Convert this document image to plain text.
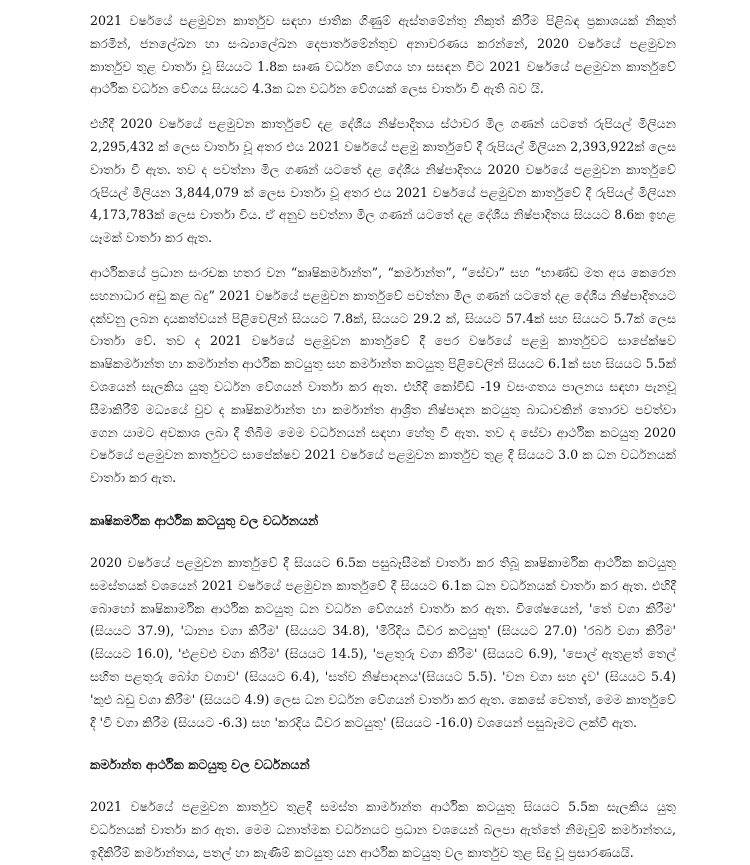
2021 වර්ෂයේ පළමුවන කාර්තුව සඳහා ජාතික ගිණුම් ඇස්තමේන්තු නිකුත් කිරීම පිළිබඳ ප්‍රකාශයක් නිකුත් කරමින්, ජනලේඛන හා සංඛ්‍යාලේඛන දෙපාර්තමේන්තුව අනාවරණය කරන්නේ, 2020 වර්ෂයේ පළමුවන කාර්තුව තුළ වාර්තා වූ සියයට 1.8ක සෘණ වර්ධන වේගය හා සසඳන විට 2021 වර්ෂයේ පළමුවන කාර්තුවේ ආර්ථික වර්ධන වේගය සියයට 4.3ක ධන වර්ධන වේගයක් ලෙස වාර්තා වී ඇති බව යි.

එහිදී 2020 වර්ෂයේ පළමුවන කාර්තුවේ දළ දේශීය නිෂ්පාදිතය ස්ථාවර මිල ගණන් යටතේ රුපියල් මිලියන 2,295,432 ක් ලෙස වාර්තා වූ අතර එය 2021 වර්ෂයේ පළමු කාර්තුවේ දී රුපියල් මිලියන 2,393,922ක් ලෙස වාර්තා වී ඇත. තව ද පවත්නා මිල ගණන් යටතේ දළ දේශීය නිෂ්පාදිතය 2020 වර්ෂයේ පළමුවන කාර්තුවේ රුපියල් මිලියන 3,844,079 ක් ලෙස වාර්තා වූ අතර එය 2021 වර්ෂයේ පළමුවන කාර්තුවේ දී රුපියල් මිලියන 4,173,783ක් ලෙස වාර්තා විය. ඒ අනුව පවත්නා මිල ගණන් යටතේ දළ දේශීය නිෂ්පාදිතය සියයට 8.6ක ඉහළ යෑමක් වාර්තා කර ඇත.

ආර්ථිකයේ ප්‍රධාන සංරචක හතර වන “කෘෂිකර්මාන්ත”, “කර්මාන්ත”, “සේවා” සහ “භාණ්ඩ මත අය කෙරෙන සහනාධාර අඩු කළ බදු” 2021 වර්ෂයේ පළමුවන කාර්තුවේ පවත්නා මිල ගණන් යටතේ දළ දේශීය නිෂ්පාදිතයට දක්වනු ලබන දායකත්වයන් පිළිවෙලින් සියයට 7.8ක්, සියයට 29.2 ක්, සියයට 57.4ක් සහ සියයට 5.7ක් ලෙස වාර්තා වේ. තව ද 2021 වර්ෂයේ පළමුවන කාර්තුවේ දී පෙර වර්ෂයේ පළමු කාර්තුවට සාපේක්ෂව කෘෂිකර්මාන්ත හා කර්මාන්ත ආර්ථික කටයුතු සහ කර්මාන්ත කටයුතු පිළිවෙලින් සියයට 6.1ක් සහ සියයට 5.5ක් වශයෙන් සැලකිය යුතු වර්ධන වේගයන් වාර්තා කර ඇත. එහිදී කෝවිඩ් -19 වසංගතය පාලනය සඳහා පැනවූ සීමාකිරීම් මධ්‍යයේ වුව ද කෘෂිකර්මාන්ත හා කර්මාන්ත ආශ්‍රිත නිෂ්පාදන කටයුතු බාධාවකින් තොරව පවත්වා ගෙන යාමට අවකාශ ලබා දී තිබීම මෙම වර්ධනයන් සඳහා හේතු වී ඇත. තව ද සේවා ආර්ථික කටයුතු 2020 වර්ෂයේ පළමුවන කාර්තුවට සාපේක්ෂව 2021 වර්ෂයේ පළමුවන කාර්තුව තුළ දී සියයට 3.0 ක ධන වර්ධනයක් වාර්තා කර ඇත.

කෘෂිකර්මික ආර්ථික කටයුතු වල වර්ධනයන්

2020 වර්ෂයේ පළමුවන කාර්තුවේ දී සියයට 6.5ක පසුබෑසීමක් වාර්තා කර තිබූ කෘෂිකාර්මික ආර්ථික කටයුතු සමස්තයක් වශයෙන් 2021 වර්ෂයේ පළමුවන කාර්තුවේ දී සියයට 6.1ක ධන වර්ධනයක් වාර්තා කර ඇත. එහිදී බොහෝ කෘෂිකාර්මික ආර්ථික කටයුතු ධන වර්ධන වේගයන් වාර්තා කර ඇත. විශේෂයෙන්, 'තේ වගා කිරීම' (සියයට 37.9), 'ධාන්‍ය වගා කිරීම' (සියයට 34.8), 'මිරිදිය ධීවර කටයුතු' (සියයට 27.0) 'රබර් වගා කිරීම' (සියයට 16.0), 'එළවළු වගා කිරීම' (සියයට 14.5), 'පළතුරු වගා කිරීම' (සියයට 6.9), 'පොල් ඇතුළත් තෙල් සහිත පළතුරු බෝග වගාව' (සියයට 6.4), 'සත්ව නිෂ්පාදනය'(සියයට 5.5). 'වන වගා සහ දැව' (සියයට 5.4) 'කුළු බඩු වගා කිරීම' (සියයට 4.9) ලෙස ධන වර්ධන වේගයන් වාර්තා කර ඇත. කෙසේ වෙතත්, මෙම කාර්තුවේ දී 'වී වගා කිරීම (සියයට -6.3) සහ 'කරදිය ධීවර කටයුතු' (සියයට -16.0) වශයෙන් පසුබෑමට ලක්වී ඇත.

කර්මාන්ත ආර්ථික කටයුතු වල වර්ධනයන්

2021 වර්ෂයේ පළමුවන කාර්තුව තුළදී සමස්ත කාර්මාන්ත ආර්ථික කටයුතු සියයට 5.5ක සැලකිය යුතු වර්ධනයක් වාර්තා කර ඇත. මෙම ධනාත්මක වර්ධනයට ප්‍රධාන වශයෙන් බලපා ඇත්තේ නිමැවුම් කර්මාන්තය, ඉදිකිරීම් කර්මාන්තය, පතල් හා කැණීම් කටයුතු යන ආර්ථික කටයුතු වල කාර්තුව තුළ සිදු වූ ප්‍රසාරණයයි.
